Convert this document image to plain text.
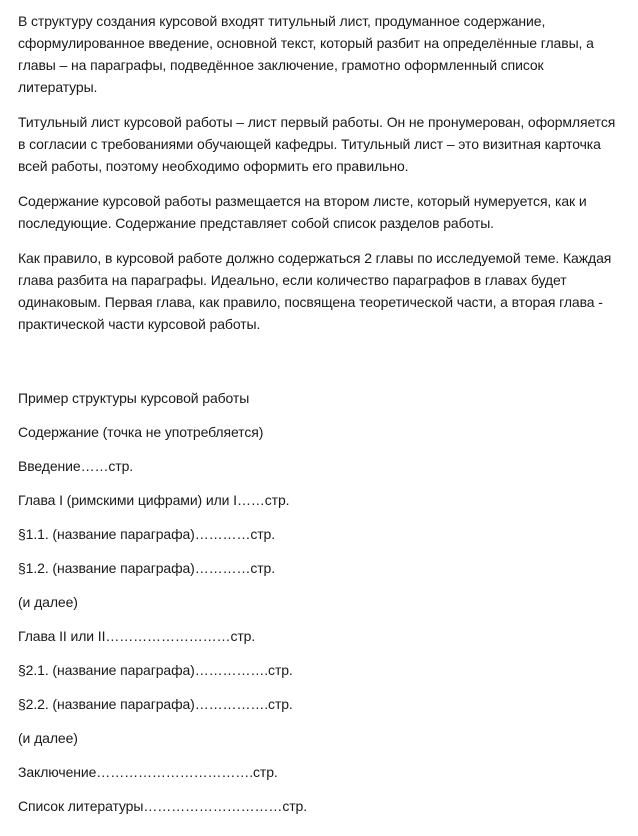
В структуру создания курсовой входят титульный лист, продуманное содержание, сформулированное введение, основной текст, который разбит на определённые главы, а главы – на параграфы, подведённое заключение, грамотно оформленный список литературы.

Титульный лист курсовой работы – лист первый работы. Он не пронумерован, оформляется в согласии с требованиями обучающей кафедры. Титульный лист – это визитная карточка всей работы, поэтому необходимо оформить его правильно.

Содержание курсовой работы размещается на втором листе, который нумеруется, как и последующие. Содержание представляет собой список разделов работы.

Как правило, в курсовой работе должно содержаться 2 главы по исследуемой теме. Каждая глава разбита на параграфы. Идеально, если количество параграфов в главах будет одинаковым. Первая глава, как правило, посвящена теоретической части, а вторая глава - практической части курсовой работы.

Пример структуры курсовой работы
Содержание (точка не употребляется)
Введение……стр.
Глава I (римскими цифрами) или I……стр.
§1.1. (название параграфа)…………стр.
§1.2. (название параграфа)…………стр.
(и далее)
Глава II или II………………………стр.
§2.1. (название параграфа)…………….стр.
§2.2. (название параграфа)…………….стр.
(и далее)
Заключение…………………………….стр.
Список литературы…………………………стр.
